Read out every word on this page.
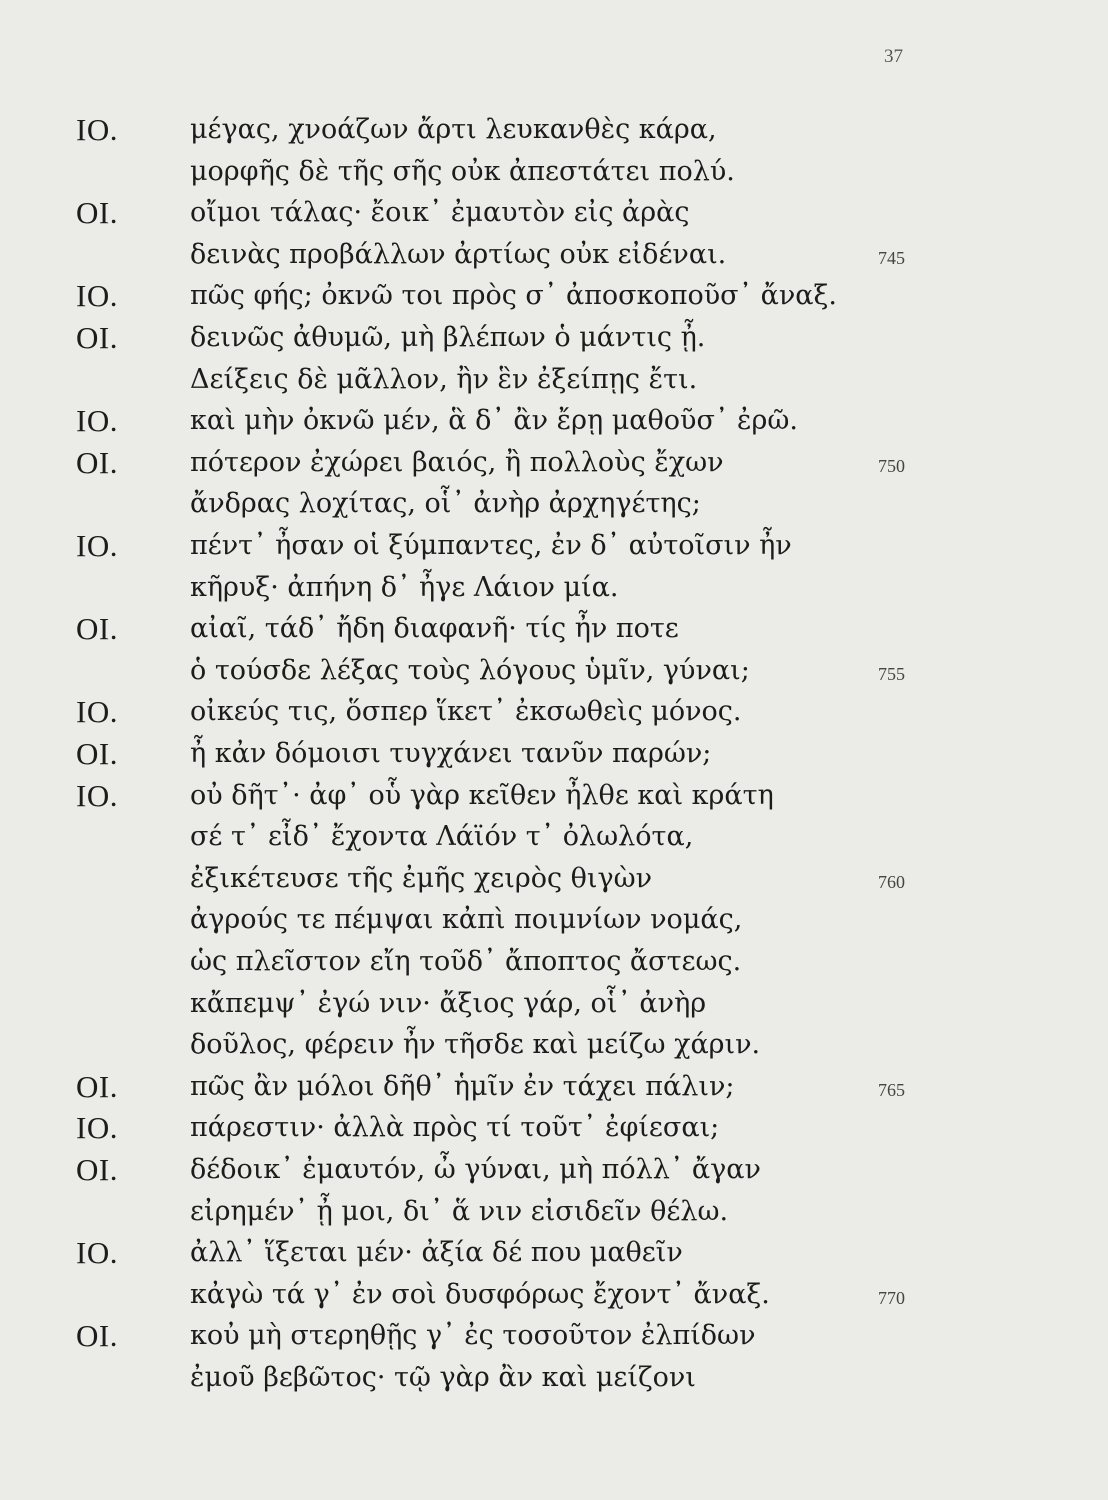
37
ΙΟ.	μέγας, χνοάζων ἄρτι λευκανθὲς κάρα,
μορφῆς δὲ τῆς σῆς οὐκ ἀπεστάτει πολύ.
ΟΙ.	οἴμοι τάλας· ἔοικ᾽ ἐμαυτὸν εἰς ἀρὰς
δεινὰς προβάλλων ἀρτίως οὐκ εἰδέναι.	745
ΙΟ.	πῶς φής; ὀκνῶ τοι πρὸς σ᾽ ἀποσκοποῦσ᾽ ἄναξ.
ΟΙ.	δεινῶς ἀθυμῶ, μὴ βλέπων ὁ μάντις ᾖ.
Δείξεις δὲ μᾶλλον, ἢν ἓν ἐξείπῃς ἔτι.
ΙΟ.	καὶ μὴν ὀκνῶ μέν, ἃ δ᾽ ἂν ἔρῃ μαθοῦσ᾽ ἐρῶ.
ΟΙ.	πότερον ἐχώρει βαιός, ἢ πολλοὺς ἔχων	750
ἄνδρας λοχίτας, οἷ᾽ ἀνὴρ ἀρχηγέτης;
ΙΟ.	πέντ᾽ ἦσαν οἱ ξύμπαντες, ἐν δ᾽ αὐτοῖσιν ἦν
κῆρυξ· ἀπήνη δ᾽ ἦγε Λάιον μία.
ΟΙ.	αἰαῖ, τάδ᾽ ἤδη διαφανῆ· τίς ἦν ποτε
ὁ τούσδε λέξας τοὺς λόγους ὑμῖν, γύναι;	755
ΙΟ.	οἰκεύς τις, ὅσπερ ἵκετ᾽ ἐκσωθεὶς μόνος.
ΟΙ.	ἦ κἀν δόμοισι τυγχάνει τανῦν παρών;
ΙΟ.	οὐ δῆτ᾽· ἀφ᾽ οὗ γὰρ κεῖθεν ἦλθε καὶ κράτη
σέ τ᾽ εἶδ᾽ ἔχοντα Λάϊόν τ᾽ ὀλωλότα,
ἐξικέτευσε τῆς ἐμῆς χειρὸς θιγὼν	760
ἀγρούς τε πέμψαι κἀπὶ ποιμνίων νομάς,
ὡς πλεῖστον εἴη τοῦδ᾽ ἄποπτος ἄστεως.
κἄπεμψ᾽ ἐγώ νιν· ἄξιος γάρ, οἷ᾽ ἀνὴρ
δοῦλος, φέρειν ἦν τῆσδε καὶ μείζω χάριν.
ΟΙ.	πῶς ἂν μόλοι δῆθ᾽ ἡμῖν ἐν τάχει πάλιν;	765
ΙΟ.	πάρεστιν· ἀλλὰ πρὸς τί τοῦτ᾽ ἐφίεσαι;
ΟΙ.	δέδοικ᾽ ἐμαυτόν, ὦ γύναι, μὴ πόλλ᾽ ἄγαν
εἰρημέν᾽ ᾖ μοι, δι᾽ ἅ νιν εἰσιδεῖν θέλω.
ΙΟ.	ἀλλ᾽ ἵξεται μέν· ἀξία δέ που μαθεῖν
κἀγὼ τά γ᾽ ἐν σοὶ δυσφόρως ἔχοντ᾽ ἄναξ.	770
ΟΙ.	κοὐ μὴ στερηθῇς γ᾽ ἐς τοσοῦτον ἐλπίδων
ἐμοῦ βεβῶτος· τῷ γὰρ ἂν καὶ μείζονι
